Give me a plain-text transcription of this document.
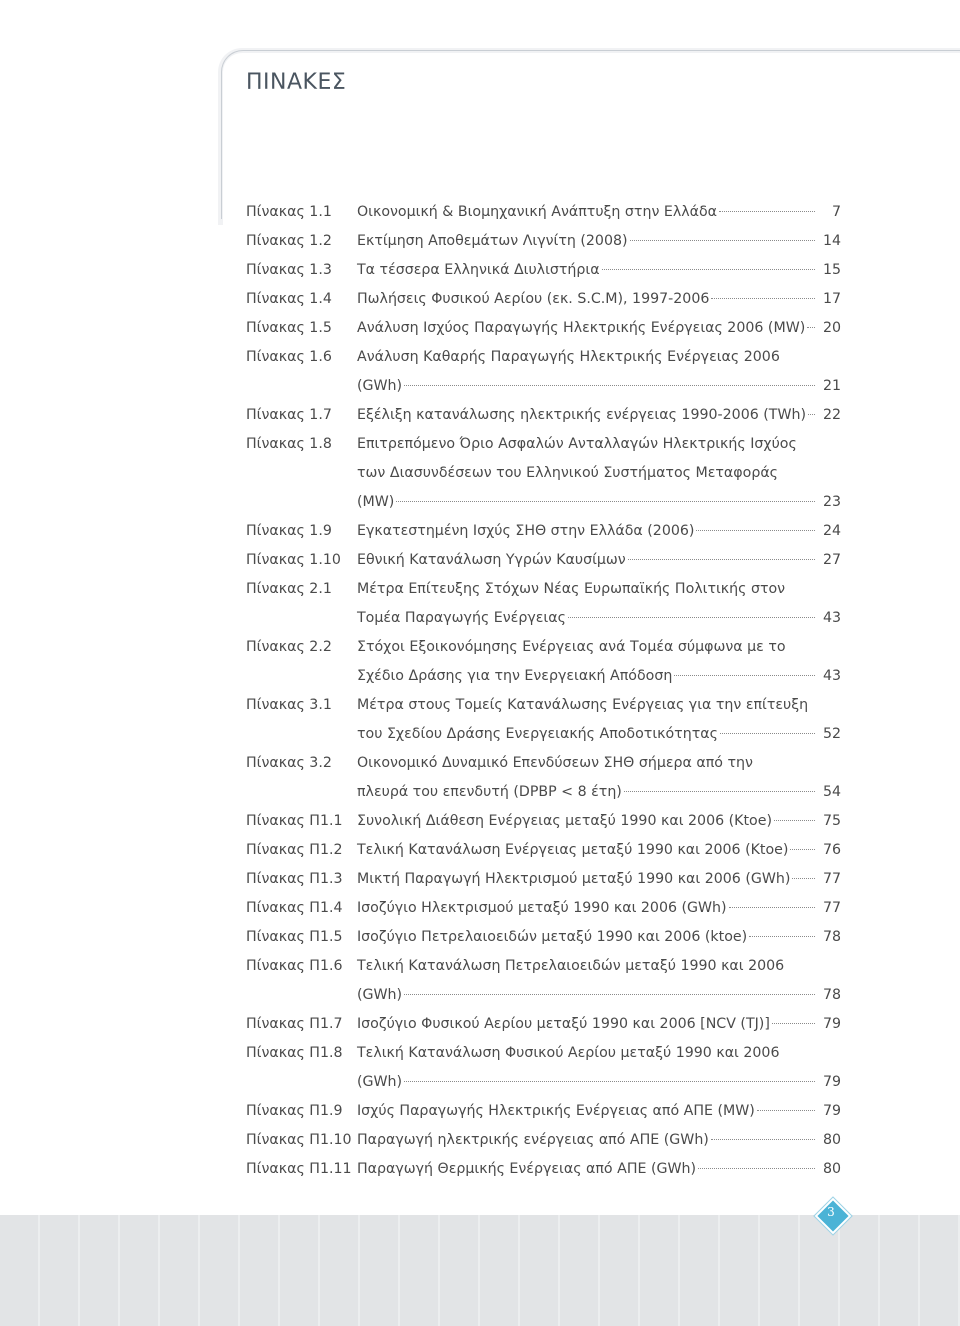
ΠΙΝΑΚΕΣ
Πίνακας 1.1 Οικονομική & Βιομηχανική Ανάπτυξη στην Ελλάδα	7
Πίνακας 1.2 Εκτίμηση Αποθεμάτων Λιγνίτη (2008)	14
Πίνακας 1.3 Τα τέσσερα Ελληνικά Διυλιστήρια	15
Πίνακας 1.4 Πωλήσεις Φυσικού Αερίου (εκ. S.C.M), 1997-2006	17
Πίνακας 1.5 Ανάλυση Ισχύος Παραγωγής Ηλεκτρικής Ενέργειας 2006 (MW) 20
Πίνακας 1.6 Ανάλυση Καθαρής Παραγωγής Ηλεκτρικής Ενέργειας 2006
(GWh)	21
Πίνακας 1.7 Εξέλιξη κατανάλωσης ηλεκτρικής ενέργειας 1990-2006 (TWh) 22
Πίνακας 1.8 Επιτρεπόμενο Όριο Ασφαλών Ανταλλαγών Ηλεκτρικής Ισχύος
των Διασυνδέσεων του Ελληνικού Συστήματος Μεταφοράς
(MW)	23
Πίνακας 1.9 Εγκατεστημένη Ισχύς ΣΗΘ στην Ελλάδα (2006)	24
Πίνακας 1.10 Εθνική Κατανάλωση Υγρών Καυσίμων	27
Πίνακας 2.1 Μέτρα Επίτευξης Στόχων Νέας Ευρωπαϊκής Πολιτικής στον
Τομέα Παραγωγής Ενέργειας	43
Πίνακας 2.2 Στόχοι Εξοικονόμησης Ενέργειας ανά Τομέα σύμφωνα με το
Σχέδιο Δράσης για την Ενεργειακή Απόδοση	43
Πίνακας 3.1 Μέτρα στους Τομείς Κατανάλωσης Ενέργειας για την επίτευξη
του Σχεδίου Δράσης Ενεργειακής Αποδοτικότητας	52
Πίνακας 3.2 Οικονομικό Δυναμικό Επενδύσεων ΣΗΘ σήμερα από την
πλευρά του επενδυτή (DPBP < 8 έτη)	54
Πίνακας Π1.1 Συνολική Διάθεση Ενέργειας μεταξύ 1990 και 2006 (Ktoe)	75
Πίνακας Π1.2 Τελική Κατανάλωση Ενέργειας μεταξύ 1990 και 2006 (Ktoe) 76
Πίνακας Π1.3 Μικτή Παραγωγή Ηλεκτρισμού μεταξύ 1990 και 2006 (GWh) 77
Πίνακας Π1.4 Ισοζύγιο Ηλεκτρισμού μεταξύ 1990 και 2006 (GWh)	77
Πίνακας Π1.5 Ισοζύγιο Πετρελαιοειδών μεταξύ 1990 και 2006 (ktoe)	78
Πίνακας Π1.6 Τελική Κατανάλωση Πετρελαιοειδών μεταξύ 1990 και 2006
(GWh)	78
Πίνακας Π1.7 Ισοζύγιο Φυσικού Αερίου μεταξύ 1990 και 2006 [NCV (TJ)]	79
Πίνακας Π1.8 Τελική Κατανάλωση Φυσικού Αερίου μεταξύ 1990 και 2006
(GWh)	79
Πίνακας Π1.9 Ισχύς Παραγωγής Ηλεκτρικής Ενέργειας από ΑΠΕ (MW)	79
Πίνακας Π1.10 Παραγωγή ηλεκτρικής ενέργειας από ΑΠΕ (GWh)	80
Πίνακας Π1.11 Παραγωγή Θερμικής Ενέργειας από ΑΠΕ (GWh)	80
3
